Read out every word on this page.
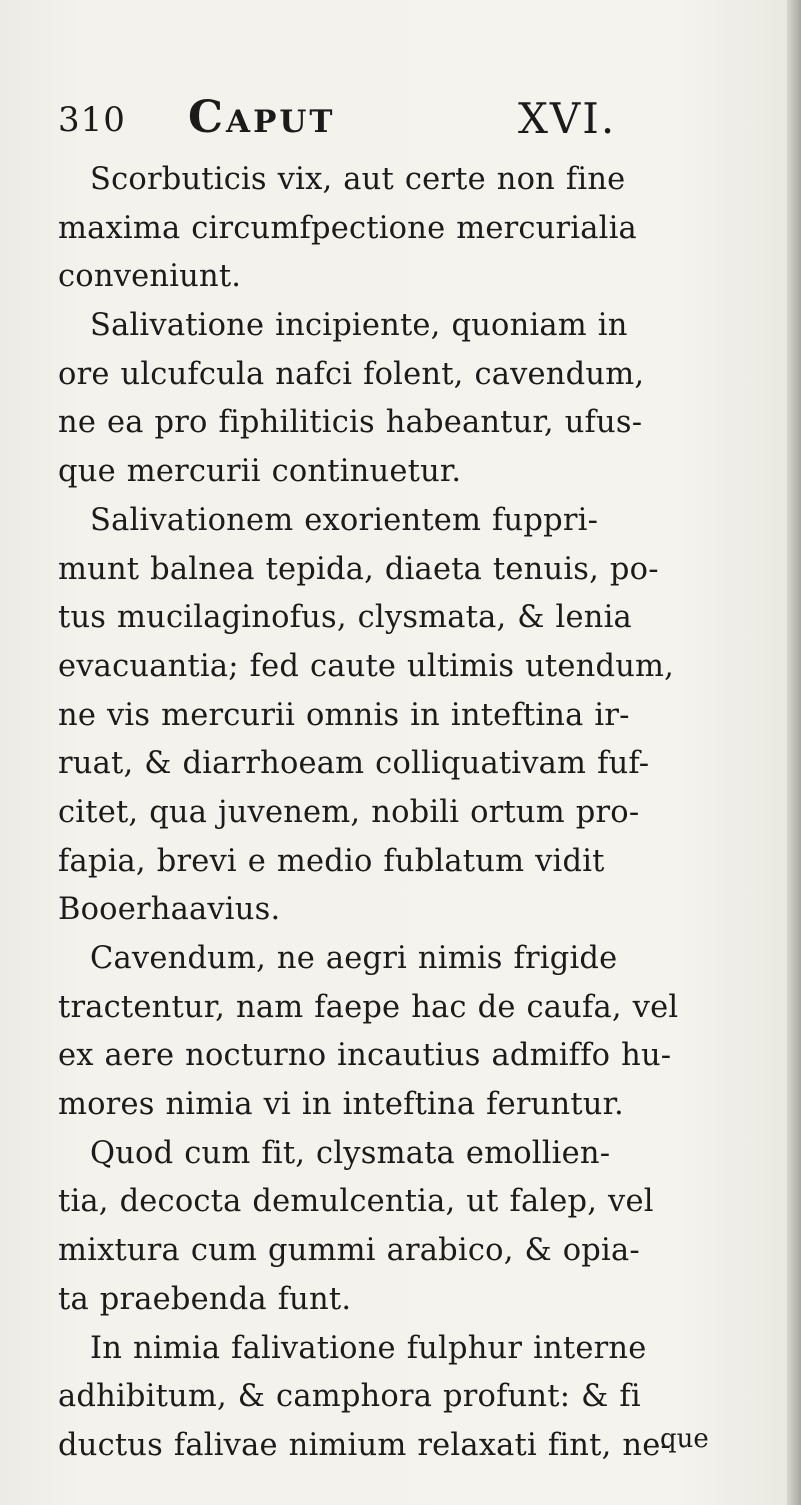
310 Caput	XVI.
Scorbuticis vix, aut certe non fine
maxima circumfpectione mercurialia
conveniunt.
Salivatione incipiente, quoniam in
ore ulcufcula nafci folent, cavendum,
ne ea pro fiphiliticis habeantur, ufus-
que mercurii continuetur.
Salivationem exorientem fuppri-
munt balnea tepida, diaeta tenuis, po-
tus mucilaginofus, clysmata, & lenia
evacuantia; fed caute ultimis utendum,
ne vis mercurii omnis in inteftina ir-
ruat, & diarrhoeam colliquativam fuf-
citet, qua juvenem, nobili ortum pro-
fapia, brevi e medio fublatum vidit
Booerhaavius.
Cavendum, ne aegri nimis frigide
tractentur, nam faepe hac de caufa, vel
ex aere nocturno incautius admiffo hu-
mores nimia vi in inteftina feruntur.
Quod cum fit, clysmata emollien-
tia, decocta demulcentia, ut falep, vel
mixtura cum gummi arabico, & opia-
ta praebenda funt.
In nimia falivatione fulphur interne
adhibitum, & camphora profunt: & fi
ductus falivae nimium relaxati fint, ne-
que
